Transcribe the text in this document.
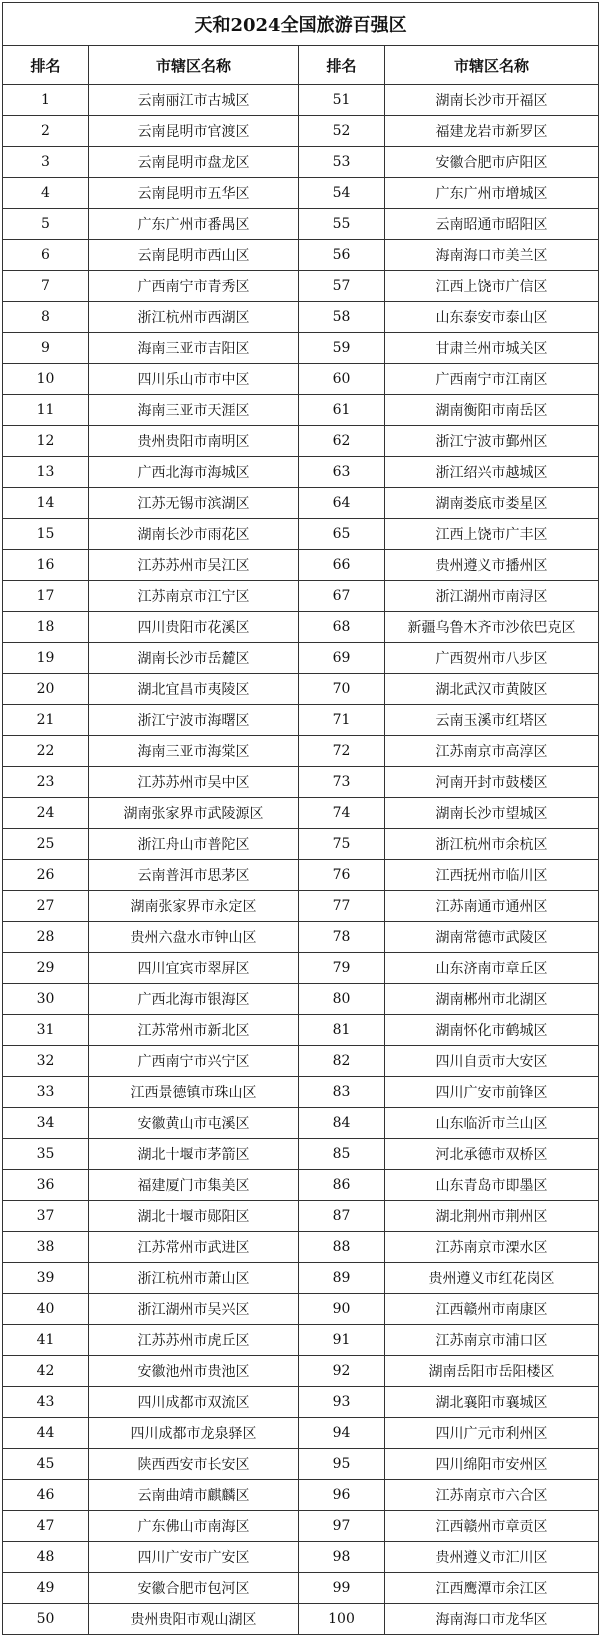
天和2024全国旅游百强区			
排名	市辖区名称	排名	市辖区名称
1	云南丽江市古城区	51	湖南长沙市开福区
2	云南昆明市官渡区	52	福建龙岩市新罗区
3	云南昆明市盘龙区	53	安徽合肥市庐阳区
4	云南昆明市五华区	54	广东广州市增城区
5	广东广州市番禺区	55	云南昭通市昭阳区
6	云南昆明市西山区	56	海南海口市美兰区
7	广西南宁市青秀区	57	江西上饶市广信区
8	浙江杭州市西湖区	58	山东泰安市泰山区
9	海南三亚市吉阳区	59	甘肃兰州市城关区
10	四川乐山市市中区	60	广西南宁市江南区
11	海南三亚市天涯区	61	湖南衡阳市南岳区
12	贵州贵阳市南明区	62	浙江宁波市鄞州区
13	广西北海市海城区	63	浙江绍兴市越城区
14	江苏无锡市滨湖区	64	湖南娄底市娄星区
15	湖南长沙市雨花区	65	江西上饶市广丰区
16	江苏苏州市吴江区	66	贵州遵义市播州区
17	江苏南京市江宁区	67	浙江湖州市南浔区
18	四川贵阳市花溪区	68	新疆乌鲁木齐市沙依巴克区
19	湖南长沙市岳麓区	69	广西贺州市八步区
20	湖北宜昌市夷陵区	70	湖北武汉市黄陂区
21	浙江宁波市海曙区	71	云南玉溪市红塔区
22	海南三亚市海棠区	72	江苏南京市高淳区
23	江苏苏州市吴中区	73	河南开封市鼓楼区
24	湖南张家界市武陵源区	74	湖南长沙市望城区
25	浙江舟山市普陀区	75	浙江杭州市余杭区
26	云南普洱市思茅区	76	江西抚州市临川区
27	湖南张家界市永定区	77	江苏南通市通州区
28	贵州六盘水市钟山区	78	湖南常德市武陵区
29	四川宜宾市翠屏区	79	山东济南市章丘区
30	广西北海市银海区	80	湖南郴州市北湖区
31	江苏常州市新北区	81	湖南怀化市鹤城区
32	广西南宁市兴宁区	82	四川自贡市大安区
33	江西景德镇市珠山区	83	四川广安市前锋区
34	安徽黄山市屯溪区	84	山东临沂市兰山区
35	湖北十堰市茅箭区	85	河北承德市双桥区
36	福建厦门市集美区	86	山东青岛市即墨区
37	湖北十堰市郧阳区	87	湖北荆州市荆州区
38	江苏常州市武进区	88	江苏南京市溧水区
39	浙江杭州市萧山区	89	贵州遵义市红花岗区
40	浙江湖州市吴兴区	90	江西赣州市南康区
41	江苏苏州市虎丘区	91	江苏南京市浦口区
42	安徽池州市贵池区	92	湖南岳阳市岳阳楼区
43	四川成都市双流区	93	湖北襄阳市襄城区
44	四川成都市龙泉驿区	94	四川广元市利州区
45	陕西西安市长安区	95	四川绵阳市安州区
46	云南曲靖市麒麟区	96	江苏南京市六合区
47	广东佛山市南海区	97	江西赣州市章贡区
48	四川广安市广安区	98	贵州遵义市汇川区
49	安徽合肥市包河区	99	江西鹰潭市余江区
50	贵州贵阳市观山湖区	100	海南海口市龙华区
